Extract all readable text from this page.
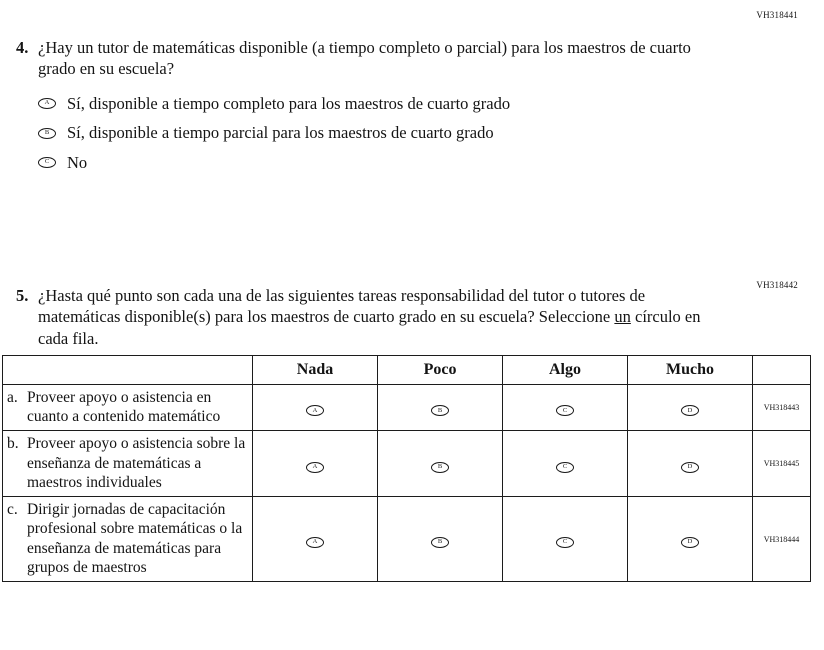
VH318441
4. ¿Hay un tutor de matemáticas disponible (a tiempo completo o parcial) para los maestros de cuarto grado en su escuela?
A	Sí, disponible a tiempo completo para los maestros de cuarto grado
B	Sí, disponible a tiempo parcial para los maestros de cuarto grado
C	No
VH318442
5. ¿Hasta qué punto son cada una de las siguientes tareas responsabilidad del tutor o tutores de matemáticas disponible(s) para los maestros de cuarto grado en su escuela? Seleccione un círculo en cada fila.
	Nada	Poco	Algo	Mucho	

a. Proveer apoyo o asistencia en cuanto a contenido matemático	A	B	C	D	VH318443

b. Proveer apoyo o asistencia sobre la enseñanza de matemáticas a maestros individuales	A	B	C	D	VH318445

c. Dirigir jornadas de capacitación profesional sobre matemáticas o la enseñanza de matemáticas para grupos de maestros	A	B	C	D	VH318444
